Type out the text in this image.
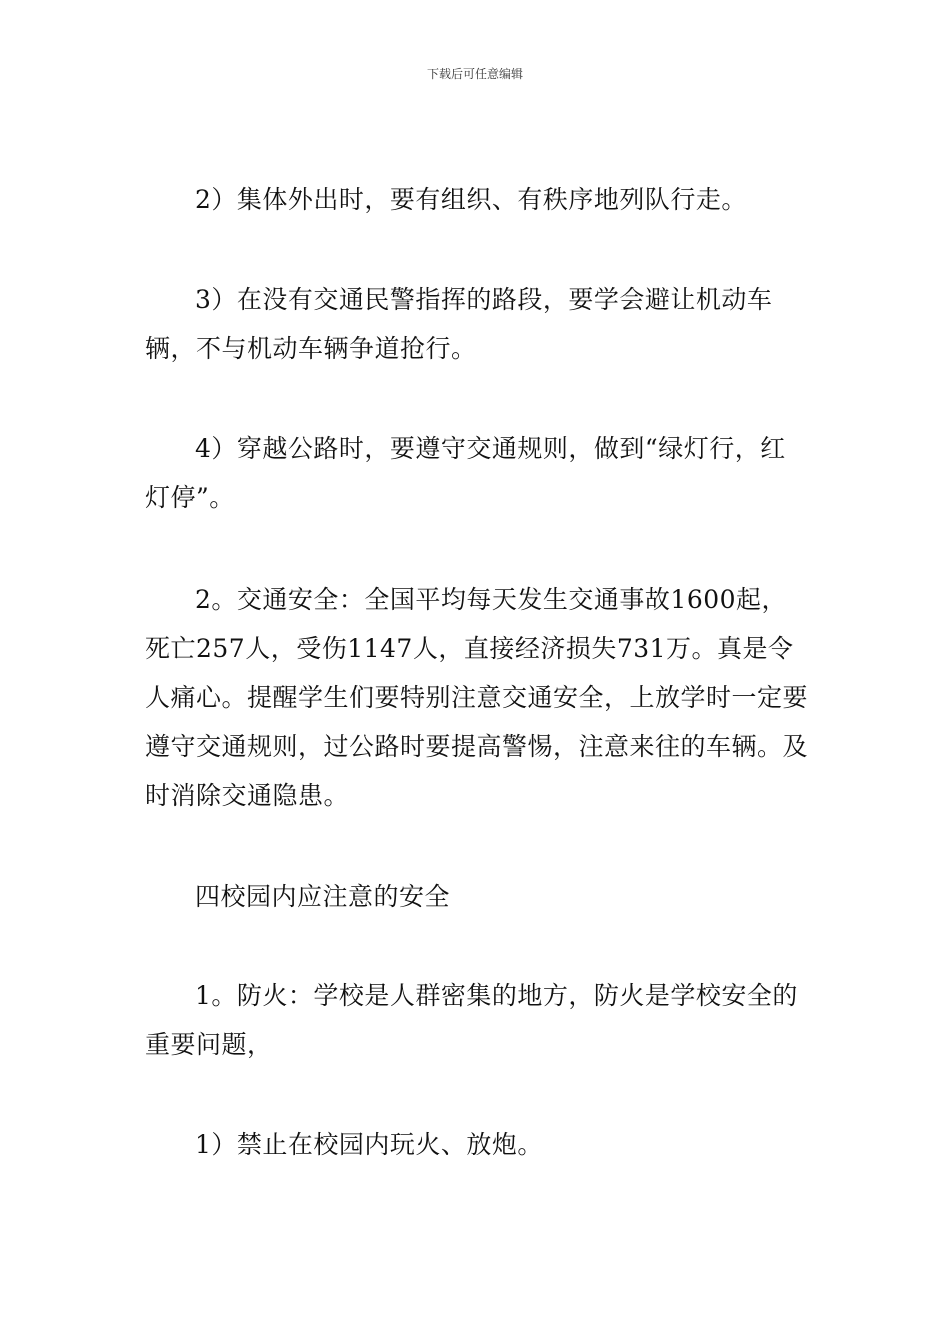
下载后可任意编辑

2）集体外出时，要有组织、有秩序地列队行走。

3）在没有交通民警指挥的路段，要学会避让机动车辆，不与机动车辆争道抢行。

4）穿越公路时，要遵守交通规则，做到“绿灯行，红灯停”。

2。交通安全：全国平均每天发生交通事故1600起，死亡257人，受伤1147人，直接经济损失731万。真是令人痛心。提醒学生们要特别注意交通安全，上放学时一定要遵守交通规则，过公路时要提高警惕，注意来往的车辆。及时消除交通隐患。

四校园内应注意的安全

1。防火：学校是人群密集的地方，防火是学校安全的重要问题，

1）禁止在校园内玩火、放炮。
